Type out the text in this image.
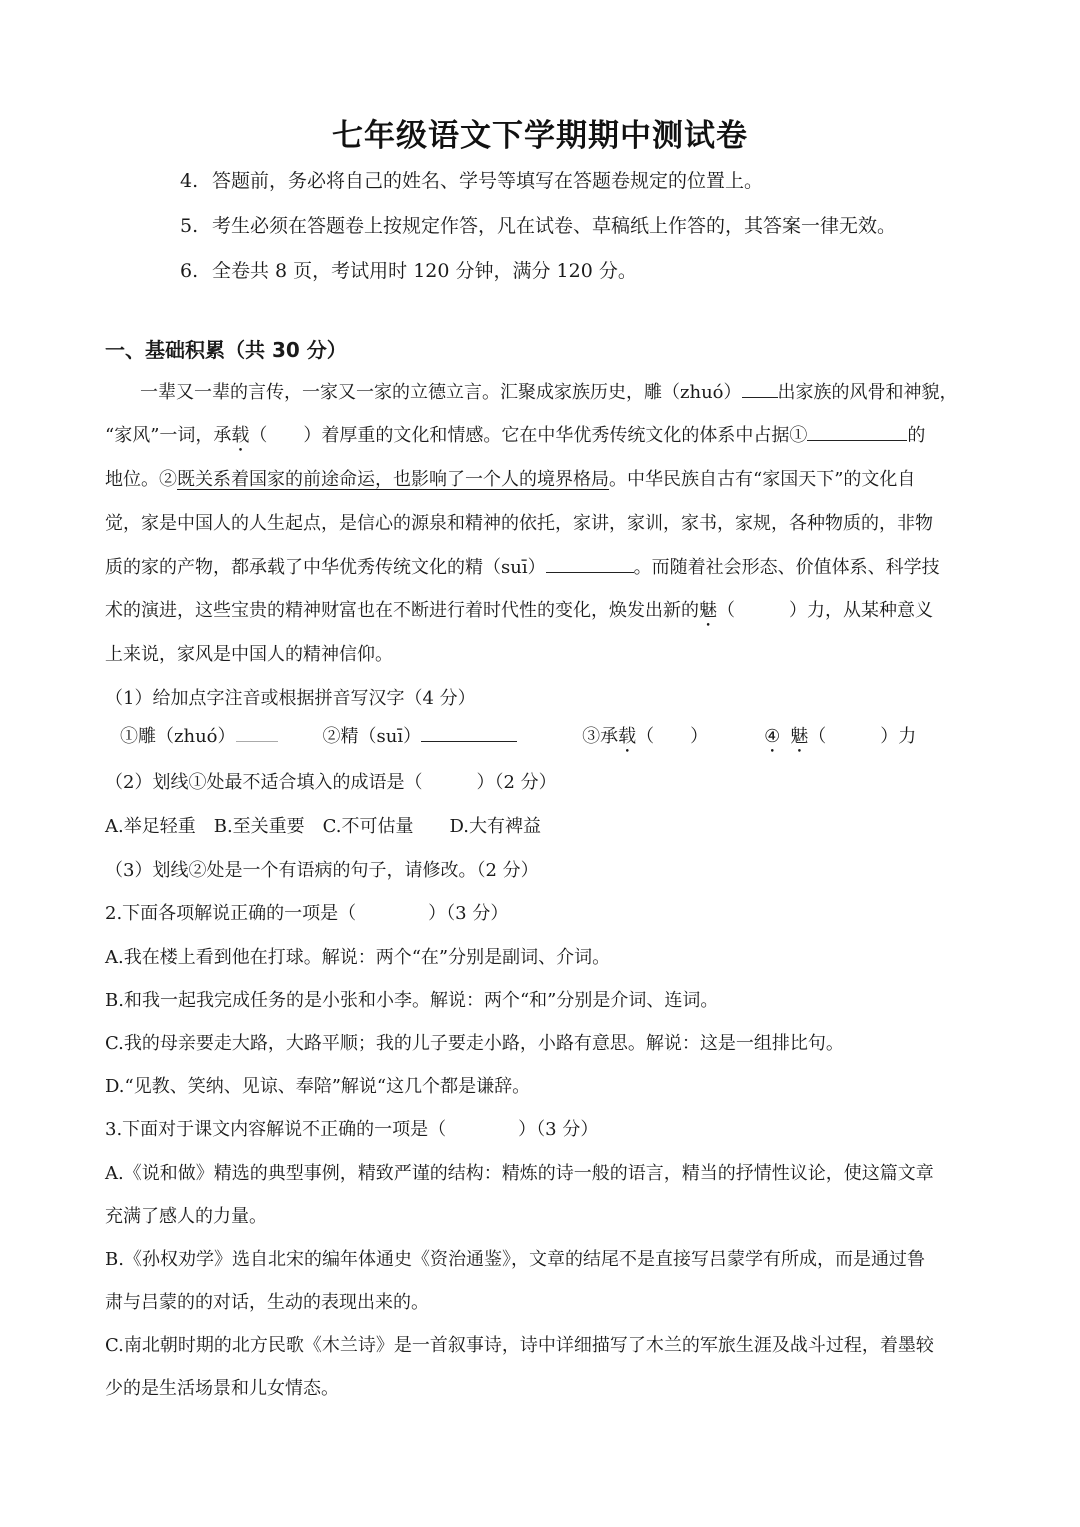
七年级语文下学期期中测试卷
4. 答题前，务必将自己的姓名、学号等填写在答题卷规定的位置上。
5. 考生必须在答题卷上按规定作答，凡在试卷、草稿纸上作答的，其答案一律无效。
6. 全卷共 8 页，考试用时 120 分钟，满分 120 分。
一、基础积累（共 30 分）
一辈又一辈的言传，一家又一家的立德立言。汇聚成家族历史，雕（zhuó） 出家族的风骨和神貌，
“家风”一词，承载（　　）着厚重的文化和情感。它在中华优秀传统文化的体系中占据①	的
地位。②既关系着国家的前途命运，也影响了一个人的境界格局。中华民族自古有“家国天下”的文化自
觉，家是中国人的人生起点，是信心的源泉和精神的依托，家讲，家训，家书，家规，各种物质的，非物
质的家的产物，都承载了中华优秀传统文化的精（suī）	。而随着社会形态、价值体系、科学技
术的演进，这些宝贵的精神财富也在不断进行着时代性的变化，焕发出新的魅（　　　）力，从某种意义
上来说，家风是中国人的精神信仰。
（1）给加点字注音或根据拼音写汉字（4 分）
①雕（zhuó）	②精（suī）	③承载（　　）	④ 魅（　　　）力
（2）划线①处最不适合填入的成语是（　　　）（2 分）
A.举足轻重　B.至关重要　C.不可估量　　D.大有裨益
（3）划线②处是一个有语病的句子，请修改。（2 分）
2.下面各项解说正确的一项是（　　　　）（3 分）
A.我在楼上看到他在打球。解说：两个“在”分别是副词、介词。
B.和我一起我完成任务的是小张和小李。解说：两个“和”分别是介词、连词。
C.我的母亲要走大路，大路平顺；我的儿子要走小路，小路有意思。解说：这是一组排比句。
D.“见教、笑纳、见谅、奉陪”解说“这几个都是谦辞。
3.下面对于课文内容解说不正确的一项是（　　　　）（3 分）
A.《说和做》精选的典型事例，精致严谨的结构：精炼的诗一般的语言，精当的抒情性议论，使这篇文章
充满了感人的力量。
B.《孙权劝学》选自北宋的编年体通史《资治通鉴》，文章的结尾不是直接写吕蒙学有所成，而是通过鲁
肃与吕蒙的的对话，生动的表现出来的。
C.南北朝时期的北方民歌《木兰诗》是一首叙事诗，诗中详细描写了木兰的军旅生涯及战斗过程，着墨较
少的是生活场景和儿女情态。
